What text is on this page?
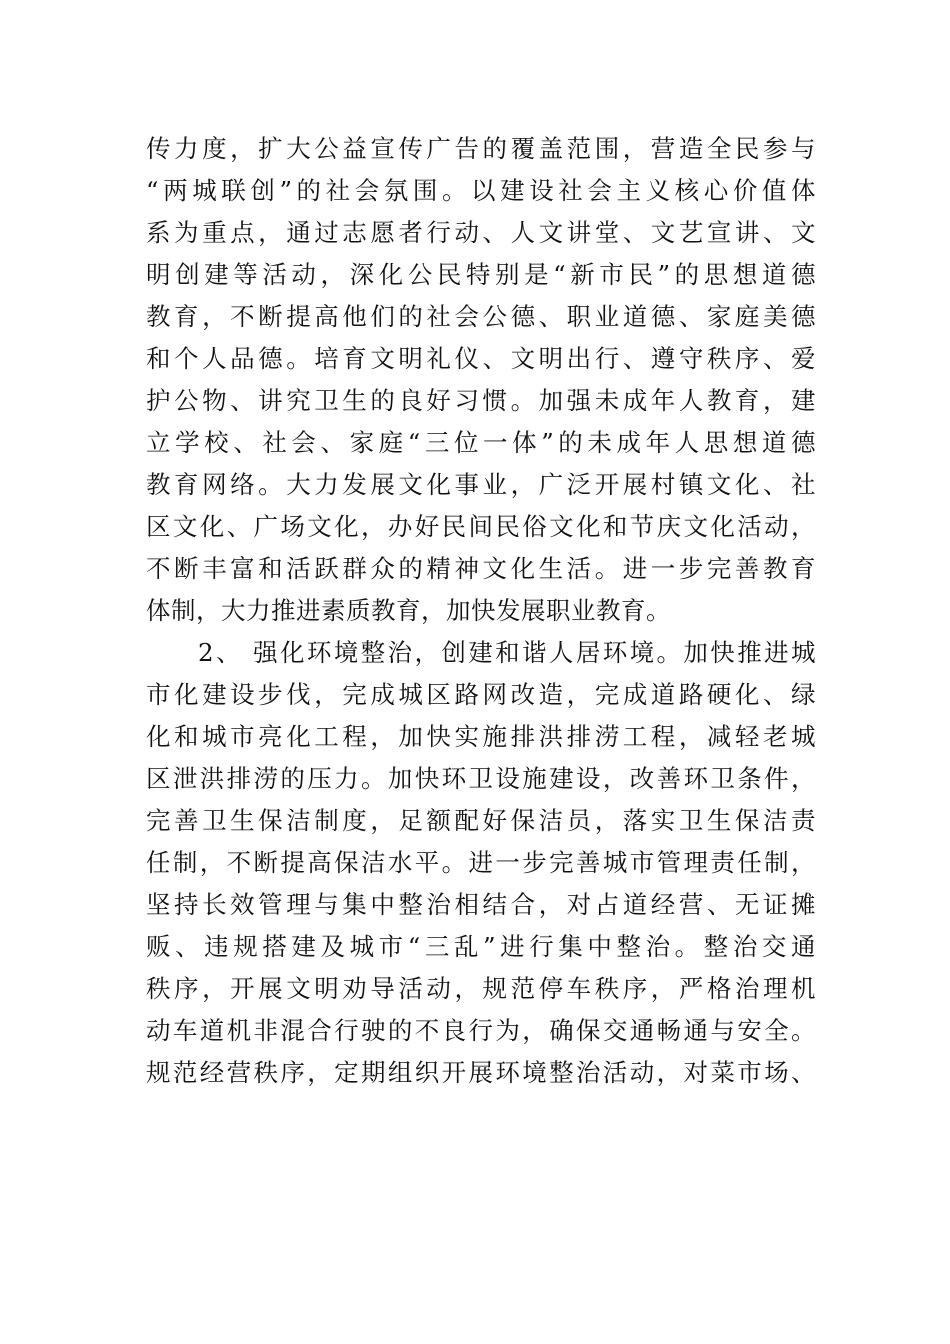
传力度，扩大公益宣传广告的覆盖范围，营造全民参与
“两城联创”的社会氛围。以建设社会主义核心价值体
系为重点，通过志愿者行动、人文讲堂、文艺宣讲、文
明创建等活动，深化公民特别是“新市民”的思想道德
教育，不断提高他们的社会公德、职业道德、家庭美德
和个人品德。培育文明礼仪、文明出行、遵守秩序、爱
护公物、讲究卫生的良好习惯。加强未成年人教育，建
立学校、社会、家庭“三位一体”的未成年人思想道德
教育网络。大力发展文化事业，广泛开展村镇文化、社
区文化、广场文化，办好民间民俗文化和节庆文化活动，
不断丰富和活跃群众的精神文化生活。进一步完善教育
体制，大力推进素质教育，加快发展职业教育。
2、 强化环境整治，创建和谐人居环境。加快推进城
市化建设步伐，完成城区路网改造，完成道路硬化、绿
化和城市亮化工程，加快实施排洪排涝工程，减轻老城
区泄洪排涝的压力。加快环卫设施建设，改善环卫条件，
完善卫生保洁制度，足额配好保洁员，落实卫生保洁责
任制，不断提高保洁水平。进一步完善城市管理责任制，
坚持长效管理与集中整治相结合，对占道经营、无证摊
贩、违规搭建及城市“三乱”进行集中整治。整治交通
秩序，开展文明劝导活动，规范停车秩序，严格治理机
动车道机非混合行驶的不良行为，确保交通畅通与安全。
规范经营秩序，定期组织开展环境整治活动，对菜市场、
